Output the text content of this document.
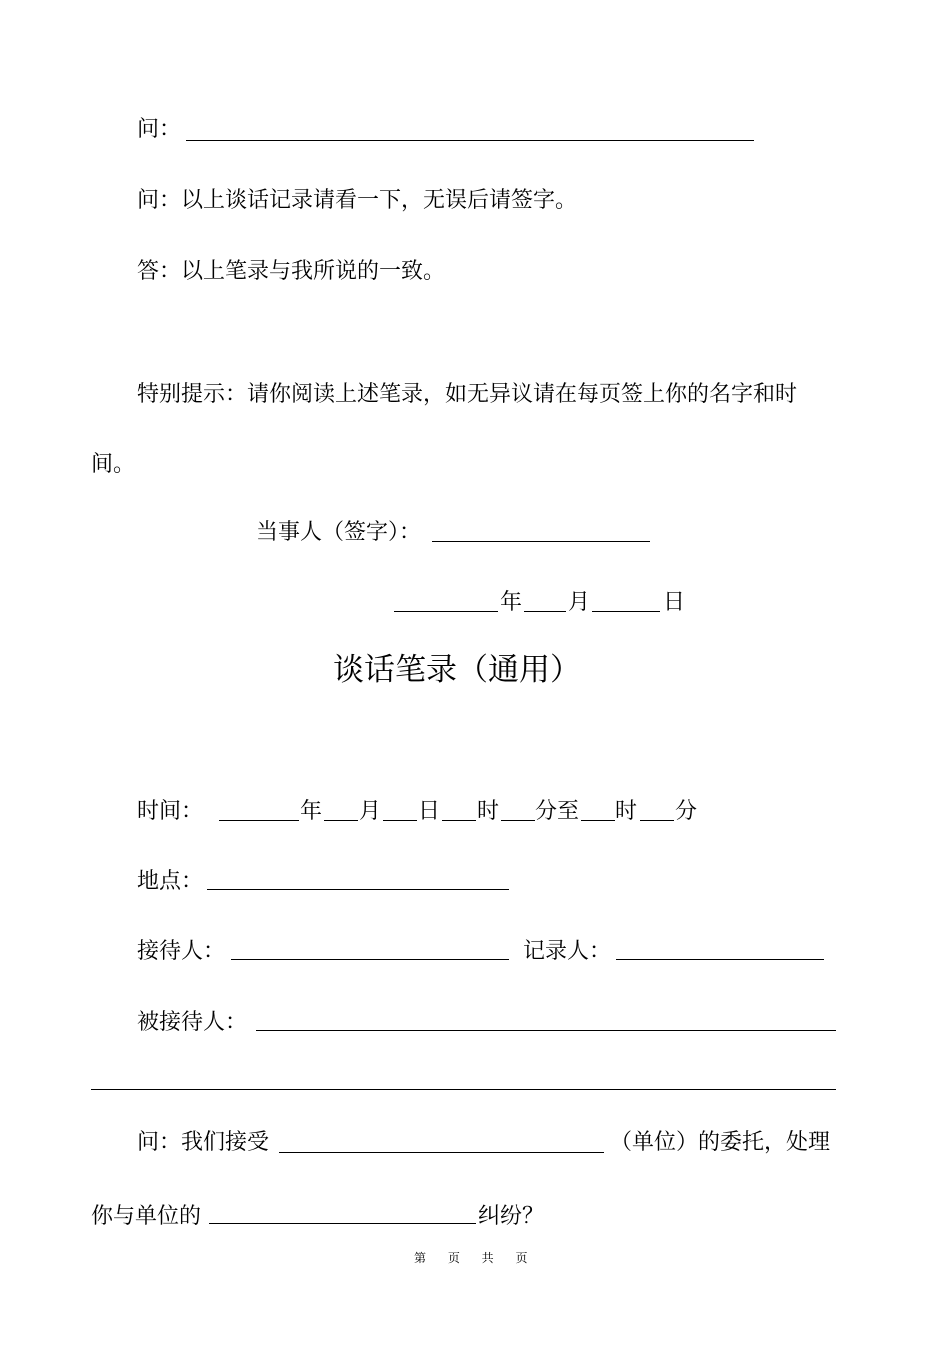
问：
问：以上谈话记录请看一下，无误后请签字。
答：以上笔录与我所说的一致。
特别提示：请你阅读上述笔录，如无异议请在每页签上你的名字和时
间。
当事人（签字）：
年 月	日
谈话笔录（通用）
时间：	年 月 日 时 分至 时 分
地点：
接待人：	记录人：
被接待人：
问：我们接受	（单位）的委托，处理
你与单位的	纠纷？
第 页 共 页
